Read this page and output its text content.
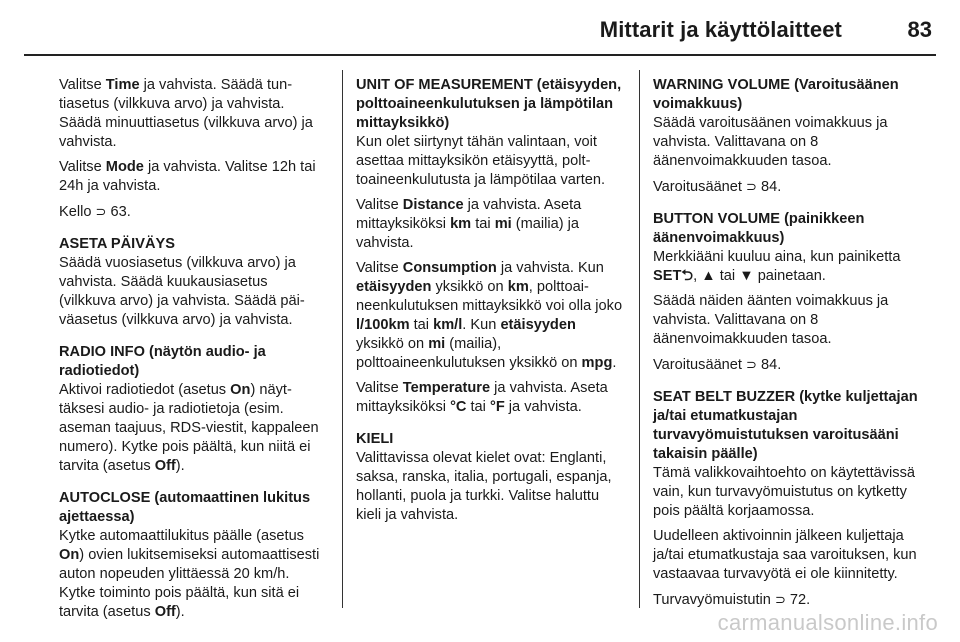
Mittarit ja käyttölaitteet	83

Valitse Time ja vahvista. Säädä tuntiasetus (vilkkuva arvo) ja vahvista. Säädä minuuttiasetus (vilkkuva arvo) ja vahvista.

Valitse Mode ja vahvista. Valitse 12h tai 24h ja vahvista.

Kello ⊃ 63.

ASETA PÄIVÄYS

Säädä vuosiasetus (vilkkuva arvo) ja vahvista. Säädä kuukausiasetus (vilkkuva arvo) ja vahvista. Säädä päiväasetus (vilkkuva arvo) ja vahvista.

RADIO INFO (näytön audio- ja radiotiedot)

Aktivoi radiotiedot (asetus On) näyttäksesi audio- ja radiotietoja (esim. aseman taajuus, RDS-viestit, kappaleen numero). Kytke pois päältä, kun niitä ei tarvita (asetus Off).

AUTOCLOSE (automaattinen lukitus ajettaessa)

Kytke automaattilukitus päälle (asetus On) ovien lukitsemiseksi automaattisesti auton nopeuden ylittäessä 20 km/h. Kytke toiminto pois päältä, kun sitä ei tarvita (asetus Off).

UNIT OF MEASUREMENT (etäisyyden, polttoaineenkulutuksen ja lämpötilan mittayksikkö)

Kun olet siirtynyt tähän valintaan, voit asettaa mittayksikön etäisyyttä, polttoaineenkulutusta ja lämpötilaa varten.

Valitse Distance ja vahvista. Aseta mittayksiköksi km tai mi (mailia) ja vahvista.

Valitse Consumption ja vahvista. Kun etäisyyden yksikkö on km, polttoaineenkulutuksen mittayksikkö voi olla joko l/100km tai km/l. Kun etäisyyden yksikkö on mi (mailia), polttoaineenkulutuksen yksikkö on mpg.

Valitse Temperature ja vahvista. Aseta mittayksiköksi °C tai °F ja vahvista.

KIELI

Valittavissa olevat kielet ovat: Englanti, saksa, ranska, italia, portugali, espanja, hollanti, puola ja turkki. Valitse haluttu kieli ja vahvista.

WARNING VOLUME (Varoitusäänen voimakkuus)

Säädä varoitusäänen voimakkuus ja vahvista. Valittavana on 8 äänenvoimakkuuden tasoa.

Varoitusäänet ⊃ 84.

BUTTON VOLUME (painikkeen äänenvoimakkuus)

Merkkiääni kuuluu aina, kun painiketta SET⮌, ▲ tai ▼ painetaan.

Säädä näiden äänten voimakkuus ja vahvista. Valittavana on 8 äänenvoimakkuuden tasoa.

Varoitusäänet ⊃ 84.

SEAT BELT BUZZER (kytke kuljettajan ja/tai etumatkustajan turvavyömuistutuksen varoitusääni takaisin päälle)

Tämä valikkovaihtoehto on käytettävissä vain, kun turvavyömuistutus on kytketty pois päältä korjaamossa.

Uudelleen aktivoinnin jälkeen kuljettaja ja/tai etumatkustaja saa varoituksen, kun vastaavaa turvavyötä ei ole kiinnitetty.

Turvavyömuistutin ⊃ 72.

carmanualsonline.info
